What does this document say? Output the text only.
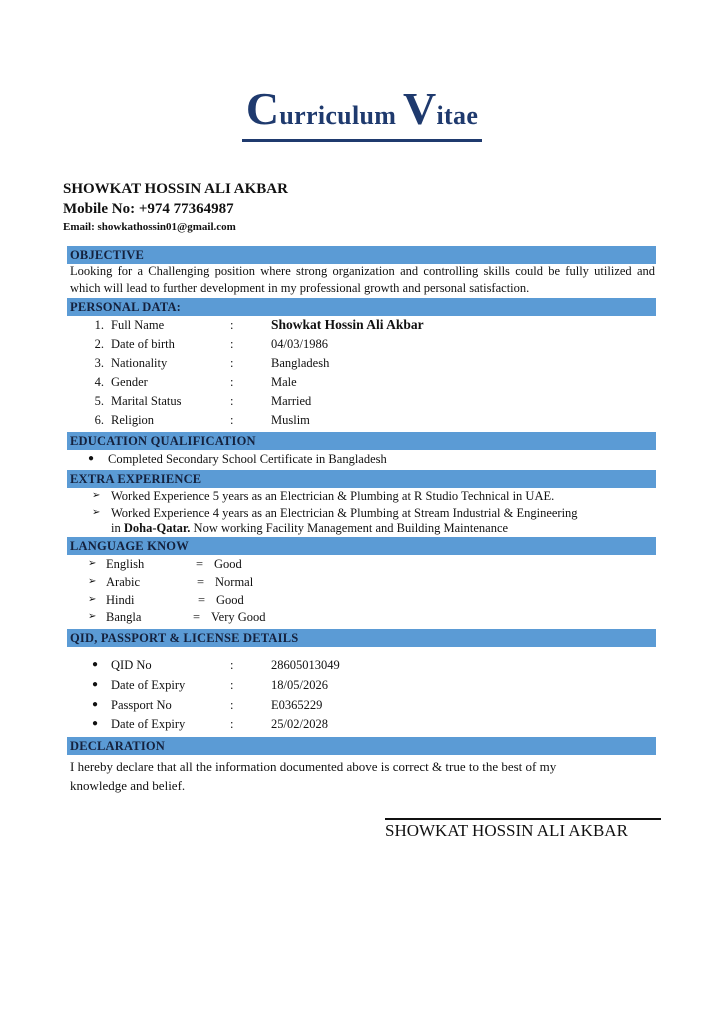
Curriculum Vitae
SHOWKAT HOSSIN ALI AKBAR
Mobile No: +974 77364987
Email: showkathossin01@gmail.com
OBJECTIVE
Looking for a Challenging position where strong organization and controlling skills could be fully utilized and which will lead to further development in my professional growth and personal satisfaction.
PERSONAL DATA:
1. Full Name	:	Showkat Hossin Ali Akbar
2. Date of birth	:	04/03/1986
3. Nationality	:	Bangladesh
4. Gender	:	Male
5. Marital Status	:	Married
6. Religion	:	Muslim
EDUCATION QUALIFICATION
● Completed Secondary School Certificate in Bangladesh
EXTRA EXPERIENCE
➢ Worked Experience 5 years as an Electrician & Plumbing at R Studio Technical in UAE.
➢ Worked Experience 4 years as an Electrician & Plumbing at Stream Industrial & Engineering
in Doha-Qatar. Now working Facility Management and Building Maintenance
LANGUAGE KNOW
➢ English	= Good
➢ Arabic	= Normal
➢ Hindi	= Good
➢ Bangla	= Very Good
QID, PASSPORT & LICENSE DETAILS
● QID No	:	28605013049
● Date of Expiry	:	18/05/2026
● Passport No	:	E0365229
● Date of Expiry	:	25/02/2028
DECLARATION
I hereby declare that all the information documented above is correct & true to the best of my knowledge and belief.
SHOWKAT HOSSIN ALI AKBAR
